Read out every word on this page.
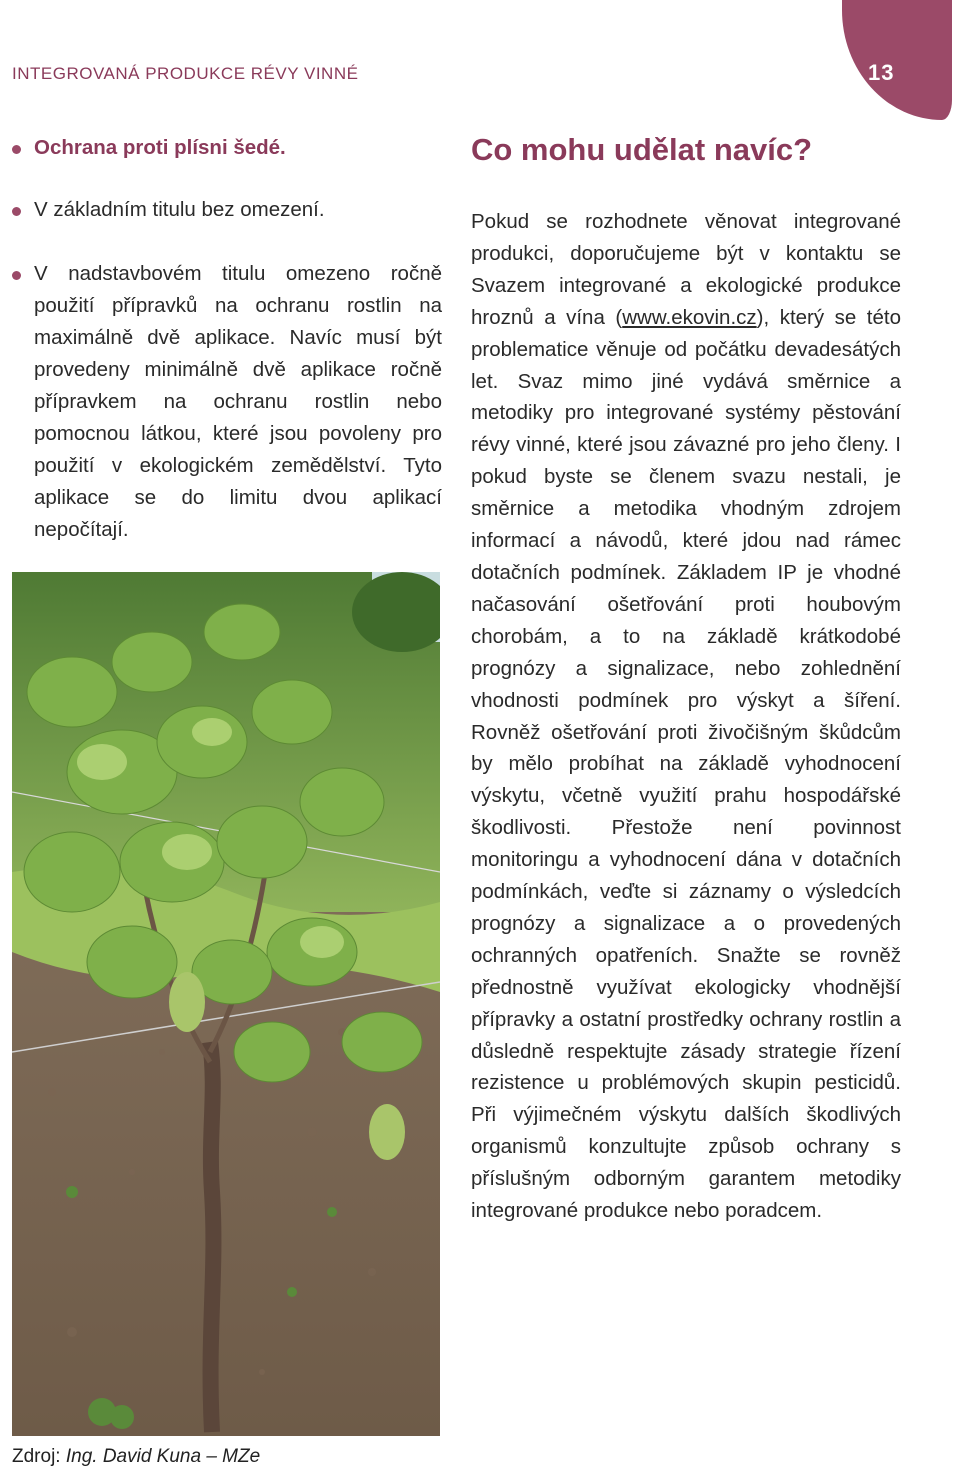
INTEGROVANÁ PRODUKCE RÉVY VINNÉ	13
Ochrana proti plísni šedé.
V základním titulu bez omezení.
V nadstavbovém titulu omezeno ročně použití přípravků na ochranu rostlin na maximálně dvě aplikace. Navíc musí být provedeny minimálně dvě aplikace ročně přípravkem na ochranu rostlin nebo pomocnou látkou, které jsou povoleny pro použití v ekologickém zemědělství. Tyto aplikace se do limitu dvou aplikací nepočítají.
Zdroj: Ing. David Kuna – MZe
Co mohu udělat navíc?

Pokud se rozhodnete věnovat integrované produkci, doporučujeme být v kontaktu se Svazem integrované a ekologické produkce hroznů a vína (www.ekovin.cz), který se této problematice věnuje od počátku devadesátých let. Svaz mimo jiné vydává směrnice a metodiky pro integrované systémy pěstování révy vinné, které jsou závazné pro jeho členy. I pokud byste se členem svazu nestali, je směrnice a metodika vhodným zdrojem informací a návodů, které jdou nad rámec dotačních podmínek. Základem IP je vhodné načasování ošetřování proti houbovým chorobám, a to na základě krátkodobé prognózy a signalizace, nebo zohlednění vhodnosti podmínek pro výskyt a šíření. Rovněž ošetřování proti živočišným škůdcům by mělo probíhat na základě vyhodnocení výskytu, včetně využití prahu hospodářské škodlivosti. Přestože není povinnost monitoringu a vyhodnocení dána v dotačních podmínkách, veďte si záznamy o výsledcích prognózy a signalizace a o provedených ochranných opatřeních. Snažte se rovněž přednostně využívat ekologicky vhodnější přípravky a ostatní prostředky ochrany rostlin a důsledně respektujte zásady strategie řízení rezistence u problémových skupin pesticidů. Při výjimečném výskytu dalších škodlivých organismů konzultujte způsob ochrany s příslušným odborným garantem metodiky integrované produkce nebo poradcem.
